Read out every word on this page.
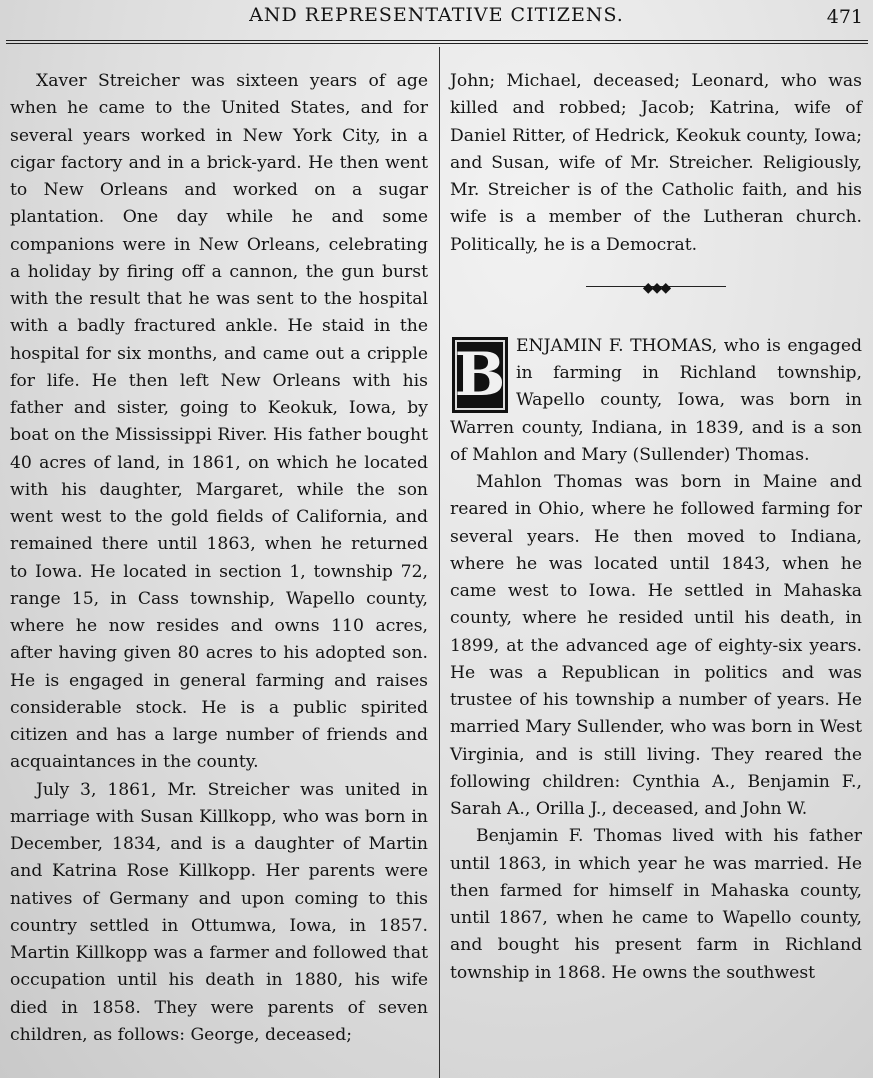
AND REPRESENTATIVE CITIZENS.	471

Xaver Streicher was sixteen years of age when he came to the United States, and for several years worked in New York City, in a cigar factory and in a brick-yard. He then went to New Orleans and worked on a sugar plantation. One day while he and some companions were in New Orleans, celebrating a holiday by firing off a cannon, the gun burst with the result that he was sent to the hospital with a badly fractured ankle. He staid in the hospital for six months, and came out a cripple for life. He then left New Orleans with his father and sister, going to Keokuk, Iowa, by boat on the Mississippi River. His father bought 40 acres of land, in 1861, on which he located with his daughter, Margaret, while the son went west to the gold fields of California, and remained there until 1863, when he returned to Iowa. He located in section 1, township 72, range 15, in Cass township, Wapello county, where he now resides and owns 110 acres, after having given 80 acres to his adopted son. He is engaged in general farming and raises considerable stock. He is a public spirited citizen and has a large number of friends and acquaintances in the county.

July 3, 1861, Mr. Streicher was united in marriage with Susan Killkopp, who was born in December, 1834, and is a daughter of Martin and Katrina Rose Killkopp. Her parents were natives of Germany and upon coming to this country settled in Ottumwa, Iowa, in 1857. Martin Killkopp was a farmer and followed that occupation until his death in 1880, his wife died in 1858. They were parents of seven children, as follows: George, deceased;

John; Michael, deceased; Leonard, who was killed and robbed; Jacob; Katrina, wife of Daniel Ritter, of Hedrick, Keokuk county, Iowa; and Susan, wife of Mr. Streicher. Religiously, Mr. Streicher is of the Catholic faith, and his wife is a member of the Lutheran church. Politically, he is a Democrat.

◆◆◆
B ENJAMIN F. THOMAS, who is engaged in farming in Richland township, Wapello county, Iowa, was born in Warren county, Indiana, in 1839, and is a son of Mahlon and Mary (Sullender) Thomas.

Mahlon Thomas was born in Maine and reared in Ohio, where he followed farming for several years. He then moved to Indiana, where he was located until 1843, when he came west to Iowa. He settled in Mahaska county, where he resided until his death, in 1899, at the advanced age of eighty-six years. He was a Republican in politics and was trustee of his township a number of years. He married Mary Sullender, who was born in West Virginia, and is still living. They reared the following children: Cynthia A., Benjamin F., Sarah A., Orilla J., deceased, and John W.

Benjamin F. Thomas lived with his father until 1863, in which year he was married. He then farmed for himself in Mahaska county, until 1867, when he came to Wapello county, and bought his present farm in Richland township in 1868. He owns the southwest
